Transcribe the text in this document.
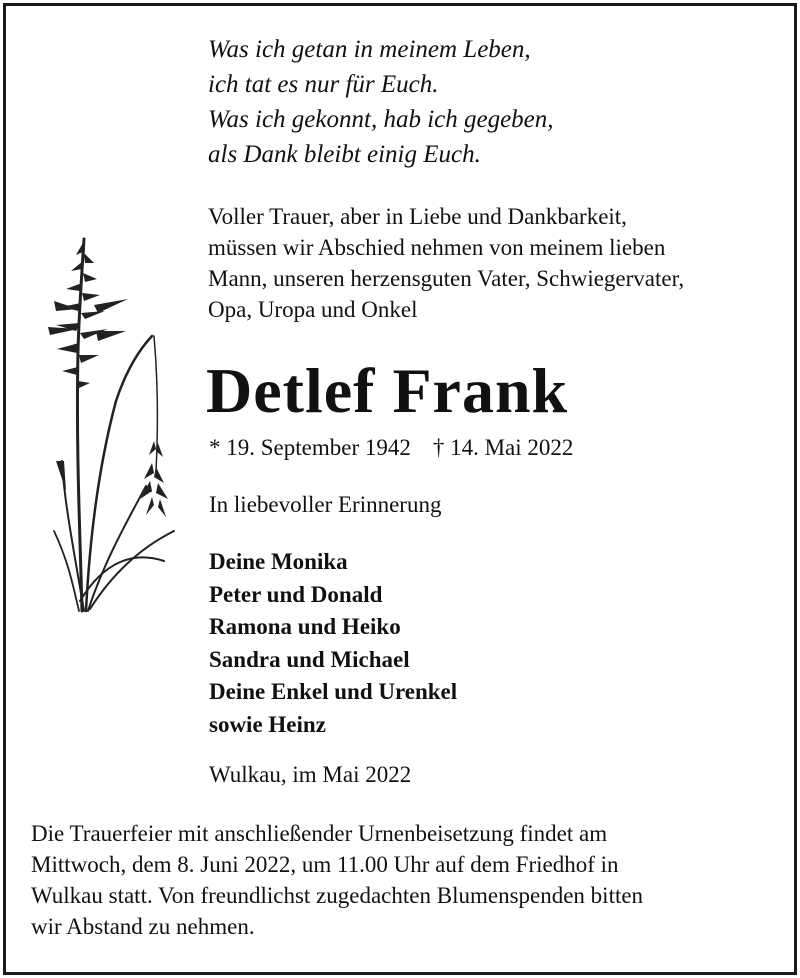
Was ich getan in meinem Leben,
ich tat es nur für Euch.
Was ich gekonnt, hab ich gegeben,
als Dank bleibt einig Euch.
Voller Trauer, aber in Liebe und Dankbarkeit,
müssen wir Abschied nehmen von meinem lieben
Mann, unseren herzensguten Vater, Schwiegervater,
Opa, Uropa und Onkel
Detlef Frank
* 19. September 1942 † 14. Mai 2022
In liebevoller Erinnerung
Deine Monika
Peter und Donald
Ramona und Heiko
Sandra und Michael
Deine Enkel und Urenkel
sowie Heinz
Wulkau, im Mai 2022
Die Trauerfeier mit anschließender Urnenbeisetzung findet am
Mittwoch, dem 8. Juni 2022, um 11.00 Uhr auf dem Friedhof in
Wulkau statt. Von freundlichst zugedachten Blumenspenden bitten
wir Abstand zu nehmen.
